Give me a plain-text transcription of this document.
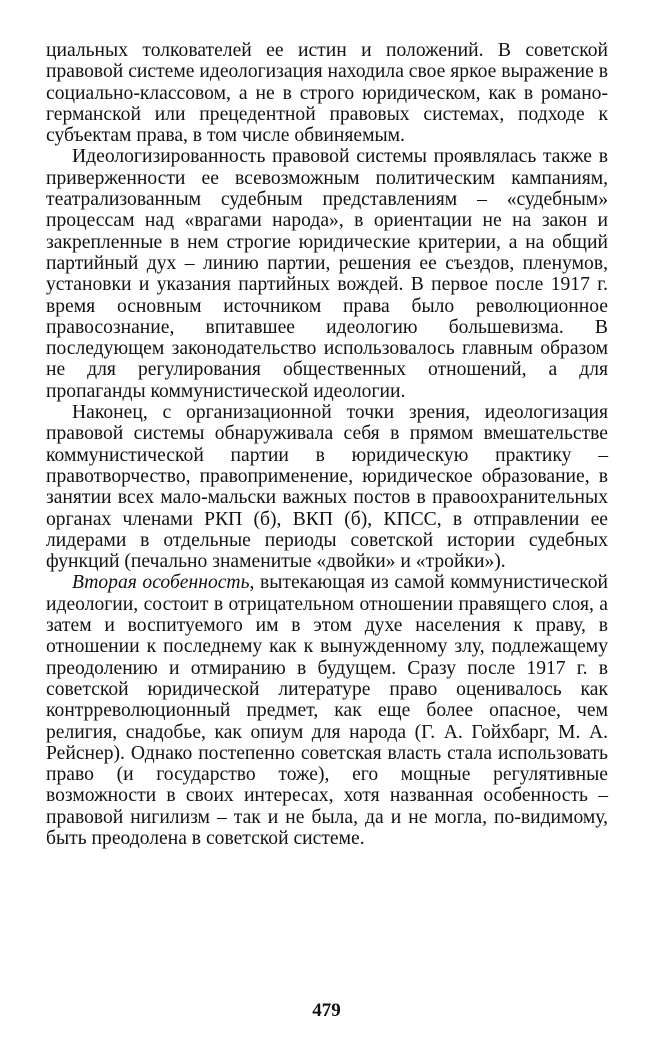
циальных толкователей ее истин и положений. В советской правовой системе идеологизация находила свое яркое выражение в социально-классовом, а не в строго юридическом, как в романо-германской или прецедентной правовых системах, подходе к субъектам права, в том числе обвиняемым.

Идеологизированность правовой системы проявлялась также в приверженности ее всевозможным политическим кампаниям, театрализованным судебным представлениям – «судебным» процессам над «врагами народа», в ориентации не на закон и закрепленные в нем строгие юридические критерии, а на общий партийный дух – линию партии, решения ее съездов, пленумов, установки и указания партийных вождей. В первое после 1917 г. время основным источником права было революционное правосознание, впитавшее идеологию большевизма. В последующем законодательство использовалось главным образом не для регулирования общественных отношений, а для пропаганды коммунистической идеологии.

Наконец, с организационной точки зрения, идеологизация правовой системы обнаруживала себя в прямом вмешательстве коммунистической партии в юридическую практику – правотворчество, правоприменение, юридическое образование, в занятии всех мало-мальски важных постов в правоохранительных органах членами РКП (б), ВКП (б), КПСС, в отправлении ее лидерами в отдельные периоды советской истории судебных функций (печально знаменитые «двойки» и «тройки»).

Вторая особенность, вытекающая из самой коммунистической идеологии, состоит в отрицательном отношении правящего слоя, а затем и воспитуемого им в этом духе населения к праву, в отношении к последнему как к вынужденному злу, подлежащему преодолению и отмиранию в будущем. Сразу после 1917 г. в советской юридической литературе право оценивалось как контрреволюционный предмет, как еще более опасное, чем религия, снадобье, как опиум для народа (Г. А. Гойхбарг, М. А. Рейснер). Однако постепенно советская власть стала использовать право (и государство тоже), его мощные регулятивные возможности в своих интересах, хотя названная особенность – правовой нигилизм – так и не была, да и не могла, по-видимому, быть преодолена в советской системе.

479
